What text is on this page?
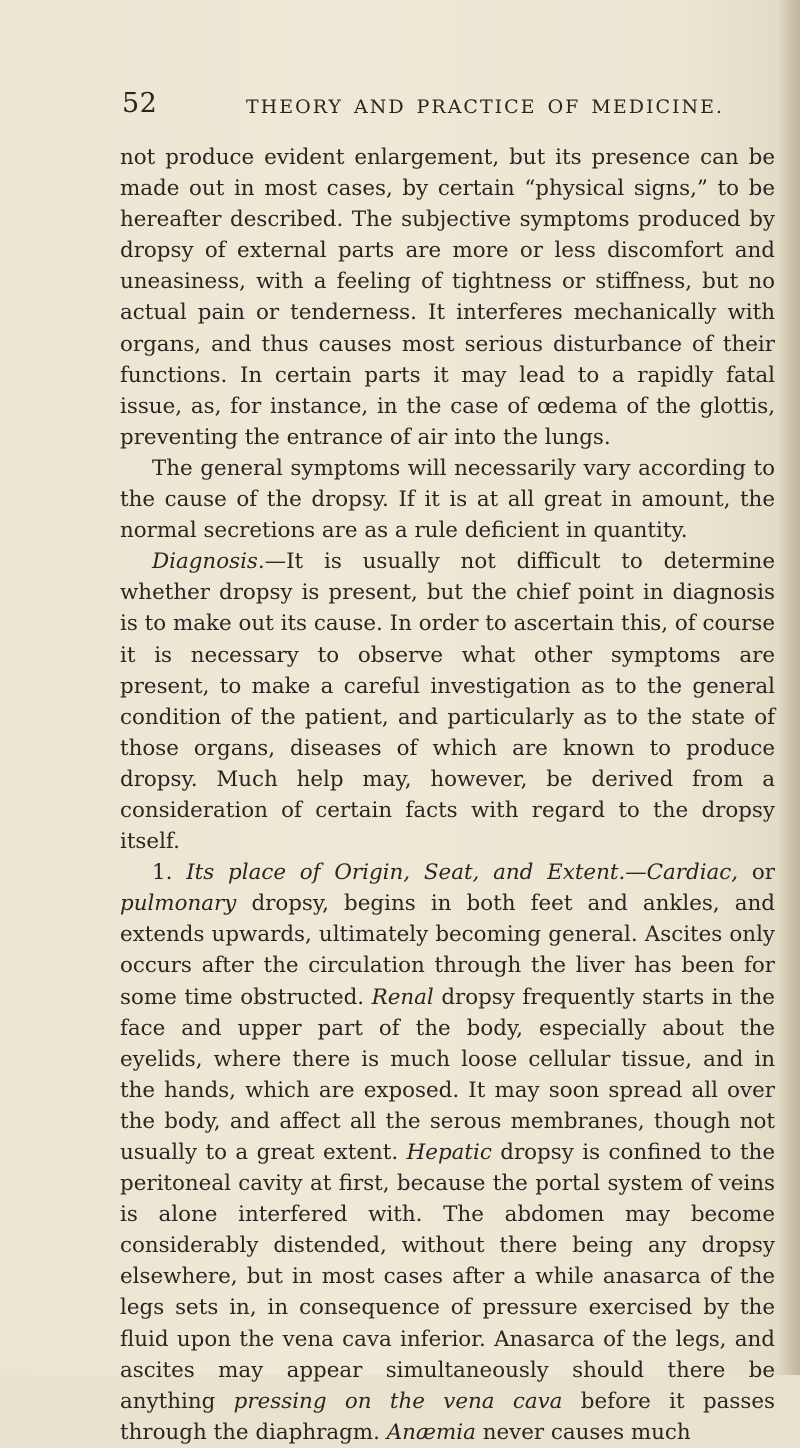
52	THEORY AND PRACTICE OF MEDICINE.

not produce evident enlargement, but its presence can be made out in most cases, by certain “physical signs,” to be hereafter described. The subjective symptoms produced by dropsy of external parts are more or less discomfort and uneasiness, with a feeling of tightness or stiffness, but no actual pain or tenderness. It interferes mechanically with organs, and thus causes most serious disturbance of their functions. In certain parts it may lead to a rapidly fatal issue, as, for instance, in the case of œdema of the glottis, preventing the entrance of air into the lungs.

The general symptoms will necessarily vary according to the cause of the dropsy. If it is at all great in amount, the normal secretions are as a rule deficient in quantity.

Diagnosis.—It is usually not difficult to determine whether dropsy is present, but the chief point in diagnosis is to make out its cause. In order to ascertain this, of course it is necessary to observe what other symptoms are present, to make a careful investigation as to the general condition of the patient, and particularly as to the state of those organs, diseases of which are known to produce dropsy. Much help may, however, be derived from a consideration of certain facts with regard to the dropsy itself.

1. Its place of Origin, Seat, and Extent.—Cardiac, or pulmonary dropsy, begins in both feet and ankles, and extends upwards, ultimately becoming general. Ascites only occurs after the circulation through the liver has been for some time obstructed. Renal dropsy frequently starts in the face and upper part of the body, especially about the eyelids, where there is much loose cellular tissue, and in the hands, which are exposed. It may soon spread all over the body, and affect all the serous membranes, though not usually to a great extent. Hepatic dropsy is confined to the peritoneal cavity at first, because the portal system of veins is alone interfered with. The abdomen may become considerably distended, without there being any dropsy elsewhere, but in most cases after a while anasarca of the legs sets in, in consequence of pressure exercised by the fluid upon the vena cava inferior. Anasarca of the legs, and ascites may appear simultaneously should there be anything pressing on the vena cava before it passes through the diaphragm. Anæmia never causes much
